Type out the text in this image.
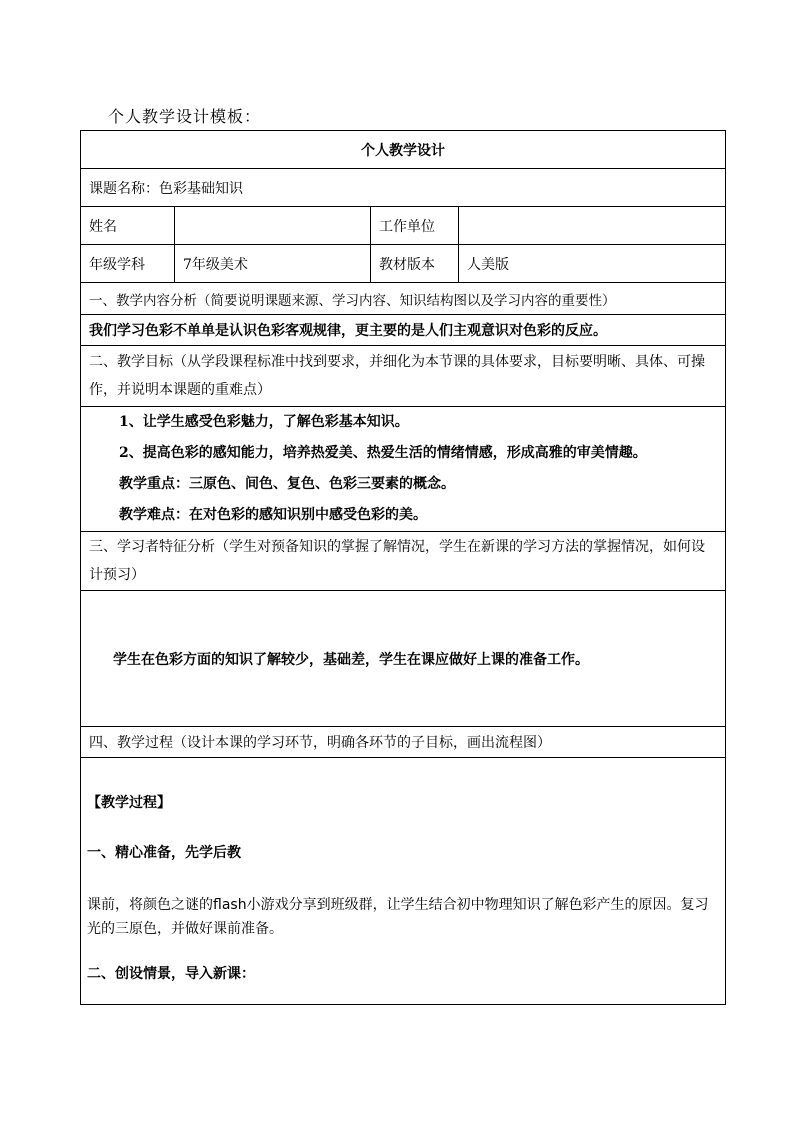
个人教学设计模板：
个人教学设计			
课题名称：色彩基础知识			
姓名		工作单位	
年级学科	7年级美术	教材版本	人美版
一、教学内容分析（简要说明课题来源、学习内容、知识结构图以及学习内容的重要性）			
我们学习色彩不单单是认识色彩客观规律，更主要的是人们主观意识对色彩的反应。			
二、教学目标（从学段课程标准中找到要求，并细化为本节课的具体要求，目标要明晰、具体、可操作，并说明本课题的重难点）			

1、让学生感受色彩魅力，了解色彩基本知识。
2、提高色彩的感知能力，培养热爱美、热爱生活的情绪情感，形成高雅的审美情趣。
教学重点：三原色、间色、复色、色彩三要素的概念。
教学难点：在对色彩的感知识别中感受色彩的美。			

三、学习者特征分析（学生对预备知识的掌握了解情况，学生在新课的学习方法的掌握情况，如何设计预习）			
学生在色彩方面的知识了解较少，基础差，学生在课应做好上课的准备工作。			
四、教学过程（设计本课的学习环节，明确各环节的子目标，画出流程图）			

【教学过程】

一、精心准备，先学后教

课前，将颜色之谜的flash小游戏分享到班级群，让学生结合初中物理知识了解色彩产生的原因。复习光的三原色，并做好课前准备。

二、创设情景，导入新课：			
